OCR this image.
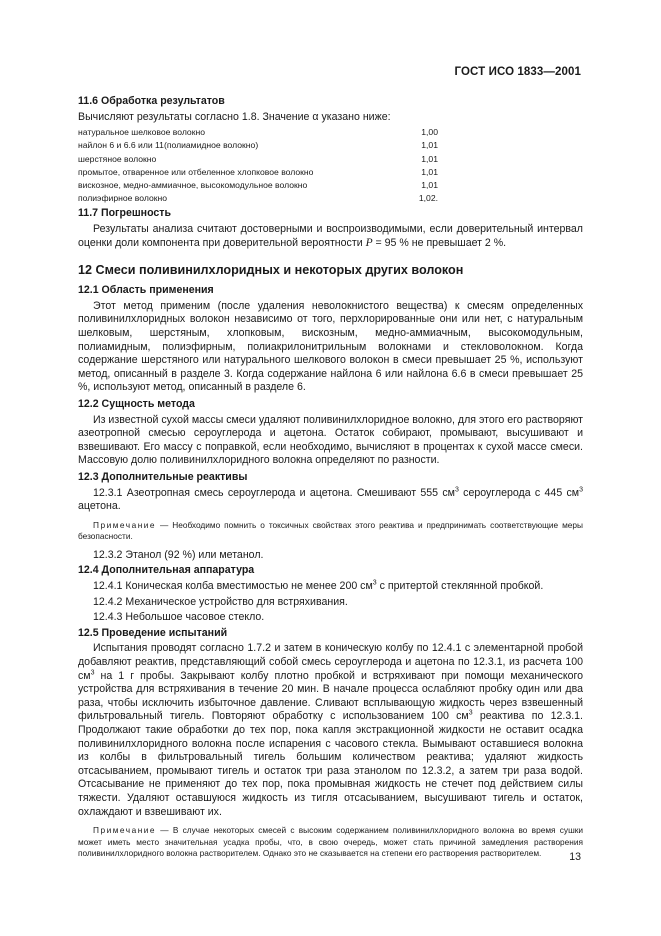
ГОСТ ИСО 1833—2001

11.6 Обработка результатов

Вычисляют результаты согласно 1.8. Значение α указано ниже:

натуральное шелковое волокно	1,00
найлон 6 и 6.6 или 11(полиамидное волокно)	1,01
шерстяное волокно	1,01
промытое, отваренное или отбеленное хлопковое волокно	1,01
вискозное, медно-аммиачное, высокомодульное волокно	1,01
полиэфирное волокно	1,02.

11.7 Погрешность

Результаты анализа считают достоверными и воспроизводимыми, если доверительный интервал оценки доли компонента при доверительной вероятности P = 95 % не превышает 2 %.

12 Смеси поливинилхлоридных и некоторых других волокон

12.1 Область применения

Этот метод применим (после удаления неволокнистого вещества) к смесям определенных поливинилхлоридных волокон независимо от того, перхлорированные они или нет, с натуральным шелковым, шерстяным, хлопковым, вискозным, медно-аммиачным, высокомодульным, полиамидным, полиэфирным, полиакрилонитрильным волокнами и стекловолокном. Когда содержание шерстяного или натурального шелкового волокон в смеси превышает 25 %, используют метод, описанный в разделе 3. Когда содержание найлона 6 или найлона 6.6 в смеси превышает 25 %, используют метод, описанный в разделе 6.

12.2 Сущность метода

Из известной сухой массы смеси удаляют поливинилхлоридное волокно, для этого его растворяют азеотропной смесью сероуглерода и ацетона. Остаток собирают, промывают, высушивают и взвешивают. Его массу с поправкой, если необходимо, вычисляют в процентах к сухой массе смеси. Массовую долю поливинилхлоридного волокна определяют по разности.

12.3 Дополнительные реактивы

12.3.1 Азеотропная смесь сероуглерода и ацетона. Смешивают 555 $см^3$ сероуглерода с 445 $см^3$ ацетона.

Примечание — Необходимо помнить о токсичных свойствах этого реактива и предпринимать соответствующие меры безопасности.

12.3.2 Этанол (92 %) или метанол.

12.4 Дополнительная аппаратура

12.4.1 Коническая колба вместимостью не менее 200 $см^3$ с притертой стеклянной пробкой.

12.4.2 Механическое устройство для встряхивания.

12.4.3 Небольшое часовое стекло.

12.5 Проведение испытаний

Испытания проводят согласно 1.7.2 и затем в коническую колбу по 12.4.1 с элементарной пробой добавляют реактив, представляющий собой смесь сероуглерода и ацетона по 12.3.1, из расчета 100 $см^3$ на 1 г пробы. Закрывают колбу плотно пробкой и встряхивают при помощи механического устройства для встряхивания в течение 20 мин. В начале процесса ослабляют пробку один или два раза, чтобы исключить избыточное давление. Сливают всплывающую жидкость через взвешенный фильтровальный тигель. Повторяют обработку с использованием 100 $см^3$ реактива по 12.3.1. Продолжают такие обработки до тех пор, пока капля экстракционной жидкости не оставит осадка поливинилхлоридного волокна после испарения с часового стекла. Вымывают оставшиеся волокна из колбы в фильтровальный тигель большим количеством реактива; удаляют жидкость отсасыванием, промывают тигель и остаток три раза этанолом по 12.3.2, а затем три раза водой. Отсасывание не применяют до тех пор, пока промывная жидкость не стечет под действием силы тяжести. Удаляют оставшуюся жидкость из тигля отсасыванием, высушивают тигель и остаток, охлаждают и взвешивают их.

Примечание — В случае некоторых смесей с высоким содержанием поливинилхлоридного волокна во время сушки может иметь место значительная усадка пробы, что, в свою очередь, может стать причиной замедления растворения поливинилхлоридного волокна растворителем. Однако это не сказывается на степени его растворения растворителем.	13
